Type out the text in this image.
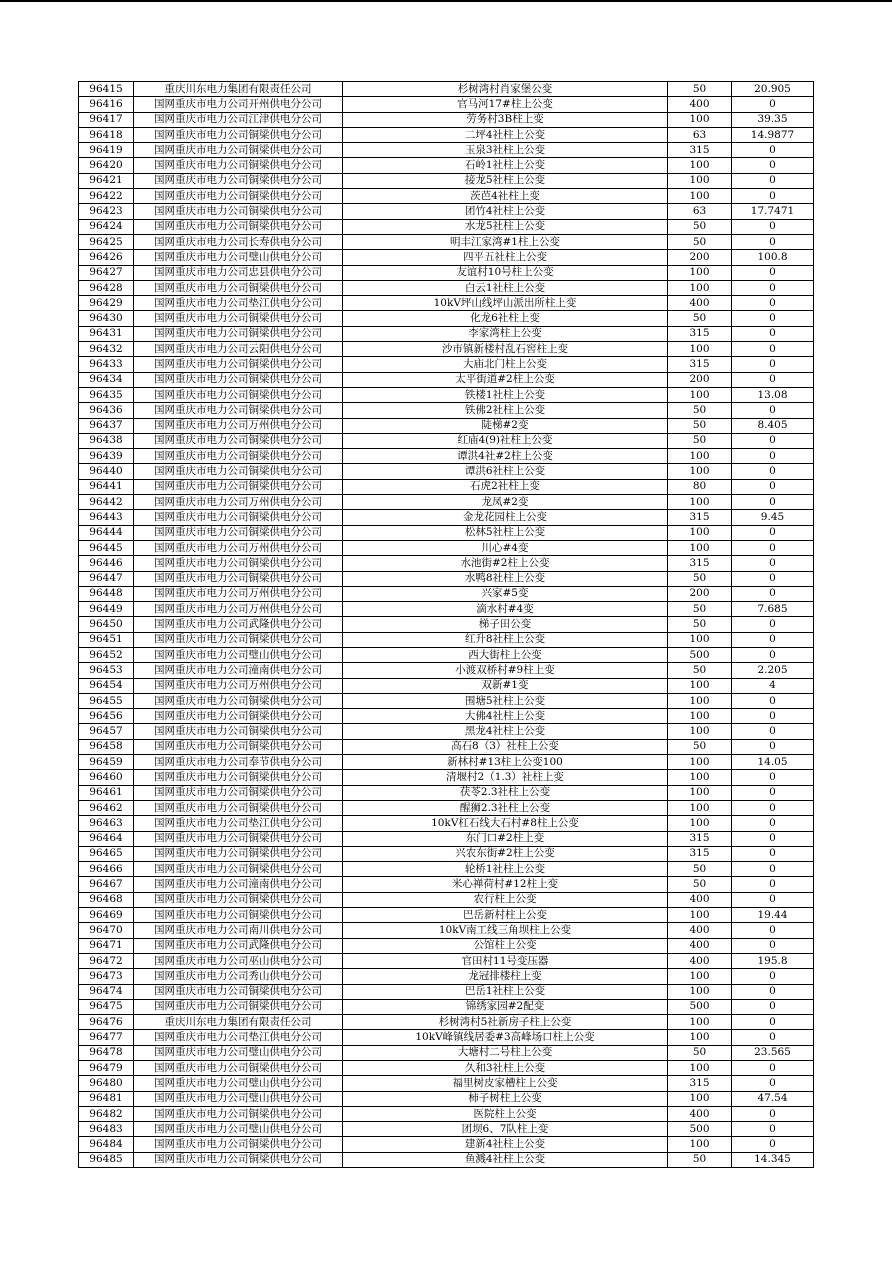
96415	重庆川东电力集团有限责任公司	杉树湾村肖家堡公变	50	20.905
96416	国网重庆市电力公司开州供电分公司	官马河17#柱上公变	400	0
96417	国网重庆市电力公司江津供电分公司	劳务村3B柱上变	100	39.35
96418	国网重庆市电力公司铜梁供电分公司	二坪4社柱上公变	63	14.9877
96419	国网重庆市电力公司铜梁供电分公司	玉泉3社柱上公变	315	0
96420	国网重庆市电力公司铜梁供电分公司	石岭1社柱上公变	100	0
96421	国网重庆市电力公司铜梁供电分公司	接龙5社柱上公变	100	0
96422	国网重庆市电力公司铜梁供电分公司	茨芭4社柱上变	100	0
96423	国网重庆市电力公司铜梁供电分公司	团竹4社柱上公变	63	17.7471
96424	国网重庆市电力公司铜梁供电分公司	水龙5社柱上公变	50	0
96425	国网重庆市电力公司长寿供电分公司	明丰江家湾#1柱上公变	50	0
96426	国网重庆市电力公司璧山供电分公司	四平五社柱上公变	200	100.8
96427	国网重庆市电力公司忠县供电分公司	友谊村10号柱上公变	100	0
96428	国网重庆市电力公司铜梁供电分公司	白云1社柱上公变	100	0
96429	国网重庆市电力公司垫江供电分公司	10kV坪山线坪山派出所柱上变	400	0
96430	国网重庆市电力公司铜梁供电分公司	化龙6社柱上变	50	0
96431	国网重庆市电力公司铜梁供电分公司	李家湾柱上公变	315	0
96432	国网重庆市电力公司云阳供电分公司	沙市镇新楼村乱石窖柱上变	100	0
96433	国网重庆市电力公司铜梁供电分公司	大庙北门柱上公变	315	0
96434	国网重庆市电力公司铜梁供电分公司	太平街道#2柱上公变	200	0
96435	国网重庆市电力公司铜梁供电分公司	铁楼1社柱上公变	100	13.08
96436	国网重庆市电力公司铜梁供电分公司	铁佛2社柱上公变	50	0
96437	国网重庆市电力公司万州供电分公司	陡梯#2变	50	8.405
96438	国网重庆市电力公司铜梁供电分公司	红庙4(9)社柱上公变	50	0
96439	国网重庆市电力公司铜梁供电分公司	谭洪4社#2柱上公变	100	0
96440	国网重庆市电力公司铜梁供电分公司	谭洪6社柱上公变	100	0
96441	国网重庆市电力公司铜梁供电分公司	石虎2社柱上变	80	0
96442	国网重庆市电力公司万州供电分公司	龙凤#2变	100	0
96443	国网重庆市电力公司铜梁供电分公司	金龙花园柱上公变	315	9.45
96444	国网重庆市电力公司铜梁供电分公司	松林5社柱上公变	100	0
96445	国网重庆市电力公司万州供电分公司	川心#4变	100	0
96446	国网重庆市电力公司铜梁供电分公司	水池街#2柱上公变	315	0
96447	国网重庆市电力公司铜梁供电分公司	水鸭8社柱上公变	50	0
96448	国网重庆市电力公司万州供电分公司	兴家#5变	200	0
96449	国网重庆市电力公司万州供电分公司	滴水村#4变	50	7.685
96450	国网重庆市电力公司武隆供电分公司	梯子田公变	50	0
96451	国网重庆市电力公司铜梁供电分公司	红升8社柱上公变	100	0
96452	国网重庆市电力公司璧山供电分公司	西大街柱上公变	500	0
96453	国网重庆市电力公司潼南供电分公司	小渡双桥村#9柱上变	50	2.205
96454	国网重庆市电力公司万州供电分公司	双新#1变	100	4
96455	国网重庆市电力公司铜梁供电分公司	围塘5社柱上公变	100	0
96456	国网重庆市电力公司铜梁供电分公司	大佛4社柱上公变	100	0
96457	国网重庆市电力公司铜梁供电分公司	黑龙4社柱上公变	100	0
96458	国网重庆市电力公司铜梁供电分公司	高石8（3）社柱上公变	50	0
96459	国网重庆市电力公司奉节供电分公司	新林村#13柱上公变100	100	14.05
96460	国网重庆市电力公司铜梁供电分公司	清堰村2（1.3）社柱上变	100	0
96461	国网重庆市电力公司铜梁供电分公司	茯苓2.3社柱上公变	100	0
96462	国网重庆市电力公司铜梁供电分公司	醒狮2.3社柱上公变	100	0
96463	国网重庆市电力公司垫江供电分公司	10kV杠石线大石村#8柱上公变	100	0
96464	国网重庆市电力公司铜梁供电分公司	东门口#2柱上变	315	0
96465	国网重庆市电力公司铜梁供电分公司	兴农东街#2柱上公变	315	0
96466	国网重庆市电力公司铜梁供电分公司	轮桥1社柱上公变	50	0
96467	国网重庆市电力公司潼南供电分公司	米心禅荷村#12柱上变	50	0
96468	国网重庆市电力公司铜梁供电分公司	农行柱上公变	400	0
96469	国网重庆市电力公司铜梁供电分公司	巴岳新村柱上公变	100	19.44
96470	国网重庆市电力公司南川供电分公司	10kV南工线三角坝柱上公变	400	0
96471	国网重庆市电力公司武隆供电分公司	公馆柱上公变	400	0
96472	国网重庆市电力公司巫山供电分公司	官田村11号变压器	400	195.8
96473	国网重庆市电力公司秀山供电分公司	龙冠排楼柱上变	100	0
96474	国网重庆市电力公司铜梁供电分公司	巴岳1社柱上公变	100	0
96475	国网重庆市电力公司铜梁供电分公司	锦绣家园#2配变	500	0
96476	重庆川东电力集团有限责任公司	杉树湾村5社新房子柱上公变	100	0
96477	国网重庆市电力公司垫江供电分公司	10kV峰镇线居委#3高峰场口柱上公变	100	0
96478	国网重庆市电力公司璧山供电分公司	大塘村二号柱上公变	50	23.565
96479	国网重庆市电力公司铜梁供电分公司	久和3社柱上公变	100	0
96480	国网重庆市电力公司璧山供电分公司	福里树皮家槽柱上公变	315	0
96481	国网重庆市电力公司璧山供电分公司	柿子树柱上公变	100	47.54
96482	国网重庆市电力公司铜梁供电分公司	医院柱上公变	400	0
96483	国网重庆市电力公司璧山供电分公司	团坝6、7队柱上变	500	0
96484	国网重庆市电力公司铜梁供电分公司	建新4社柱上公变	100	0
96485	国网重庆市电力公司铜梁供电分公司	鱼溅4社柱上公变	50	14.345
